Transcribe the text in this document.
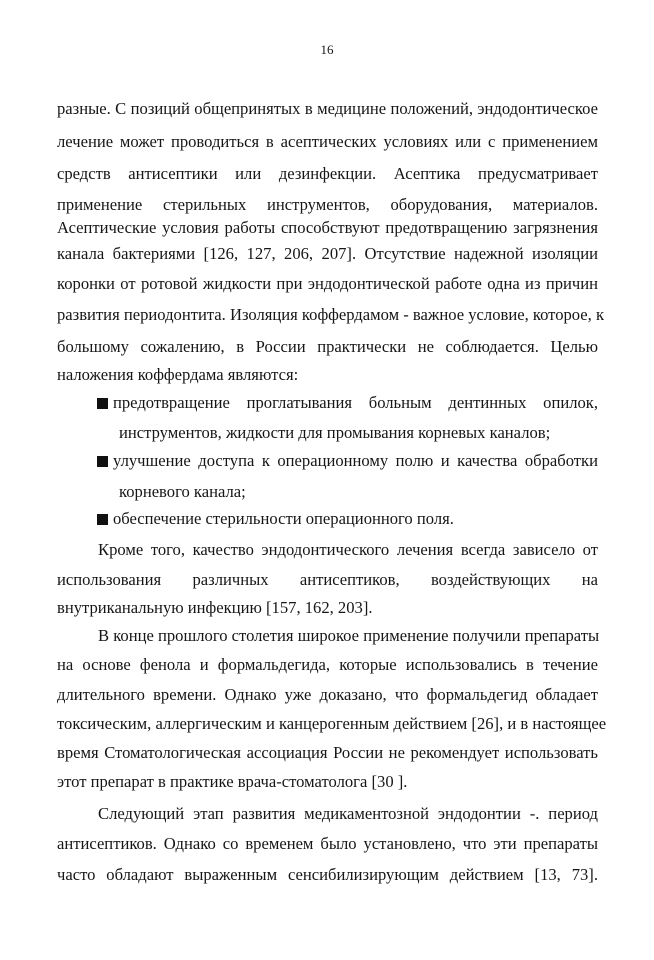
16
разные. С позиций общепринятых в медицине положений, эндодонтическое
лечение может проводиться в асептических условиях или с применением
средств антисептики или дезинфекции. Асептика предусматривает
применение стерильных инструментов, оборудования, материалов.
Асептические условия работы способствуют предотвращению загрязнения
канала бактериями [126, 127, 206, 207]. Отсутствие надежной изоляции
коронки от ротовой жидкости при эндодонтической работе одна из причин
развития периодонтита. Изоляция коффердамом - важное условие, которое, к
большому сожалению, в России практически не соблюдается. Целью
наложения коффердама являются:
предотвращение проглатывания больным дентинных опилок,
инструментов, жидкости для промывания корневых каналов;
улучшение доступа к операционному полю и качества обработки
корневого канала;
обеспечение стерильности операционного поля.
Кроме того, качество эндодонтического лечения всегда зависело от
использования различных антисептиков, воздействующих на
внутриканальную инфекцию [157, 162, 203].
В конце прошлого столетия широкое применение получили препараты
на основе фенола и формальдегида, которые использовались в течение
длительного времени. Однако уже доказано, что формальдегид обладает
токсическим, аллергическим и канцерогенным действием [26], и в настоящее
время Стоматологическая ассоциация России не рекомендует использовать
этот препарат в практике врача-стоматолога [30 ].
Следующий этап развития медикаментозной эндодонтии -. период
антисептиков. Однако со временем было установлено, что эти препараты
часто обладают выраженным сенсибилизирующим действием [13, 73].
